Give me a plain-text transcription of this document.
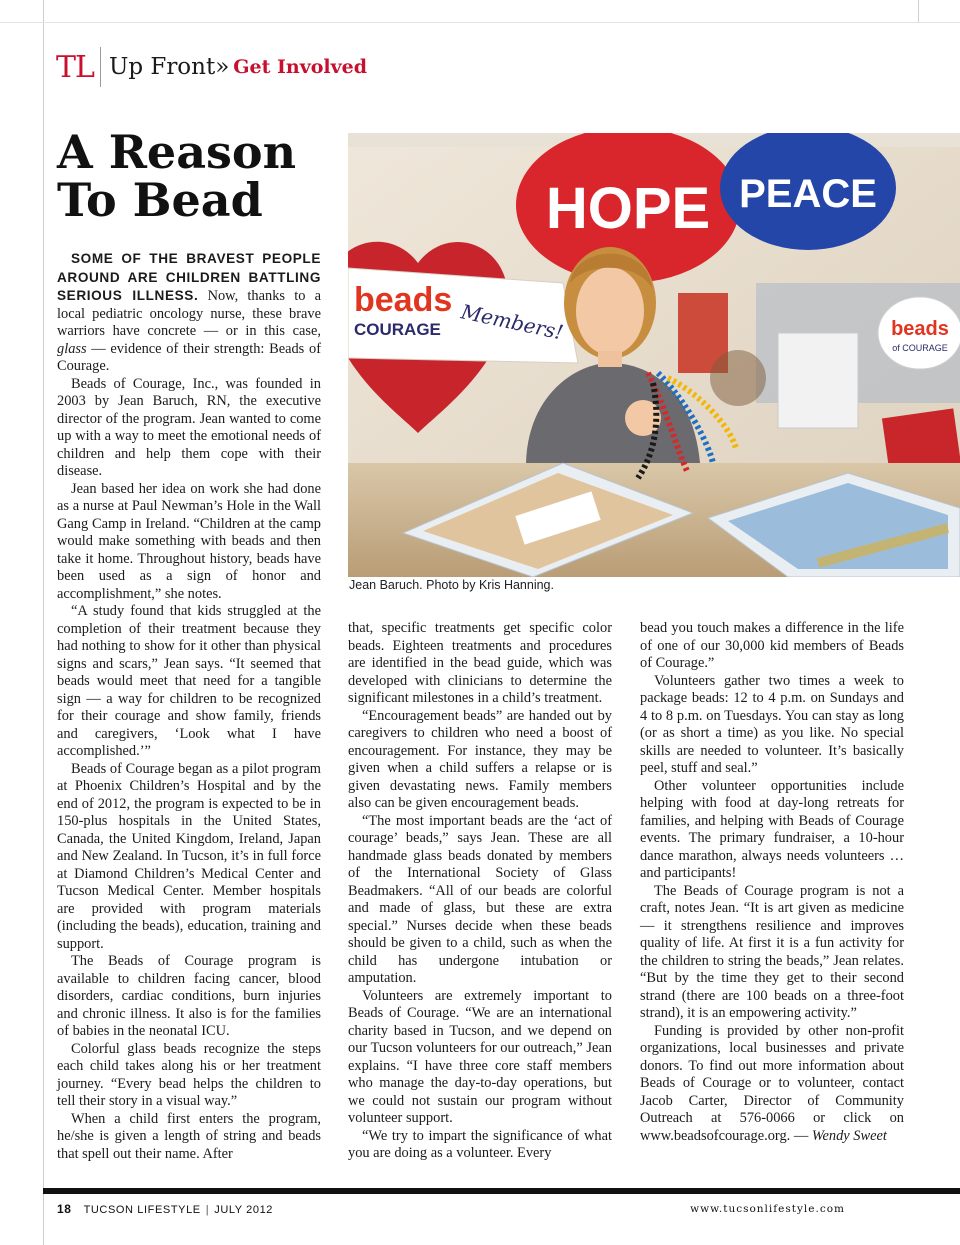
TL Up Front » Get Involved
A Reason
To Bead

SOME OF THE BRAVEST PEOPLE AROUND ARE CHILDREN BATTLING SERIOUS ILLNESS. Now, thanks to a local pediatric oncology nurse, these brave warriors have concrete — or in this case, glass — evidence of their strength: Beads of Courage.

Beads of Courage, Inc., was founded in 2003 by Jean Baruch, RN, the executive director of the program. Jean wanted to come up with a way to meet the emotional needs of children and help them cope with their disease.

Jean based her idea on work she had done as a nurse at Paul Newman’s Hole in the Wall Gang Camp in Ireland. “Children at the camp would make something with beads and then take it home. Throughout history, beads have been used as a sign of honor and accomplishment,” she notes.

“A study found that kids struggled at the completion of their treatment because they had nothing to show for it other than physical signs and scars,” Jean says. “It seemed that beads would meet that need for a tangible sign — a way for children to be recognized for their courage and show family, friends and caregivers, ‘Look what I have accomplished.’”

Beads of Courage began as a pilot program at Phoenix Children’s Hospital and by the end of 2012, the program is expected to be in 150-plus hospitals in the United States, Canada, the United Kingdom, Ireland, Japan and New Zealand. In Tucson, it’s in full force at Diamond Children’s Medical Center and Tucson Medical Center. Member hospitals are provided with program materials (including the beads), education, training and support.

The Beads of Courage program is available to children facing cancer, blood disorders, cardiac conditions, burn injuries and chronic illness. It also is for the families of babies in the neonatal ICU.

Colorful glass beads recognize the steps each child takes along his or her treatment journey. “Every bead helps the children to tell their story in a visual way.”

When a child first enters the program, he/she is given a length of string and beads that spell out their name. After

beads
COURAGE Members!
HOPE PEACE
beads
of COURAGE
Jean Baruch. Photo by Kris Hanning.

that, specific treatments get specific color beads. Eighteen treatments and procedures are identified in the bead guide, which was developed with clinicians to determine the significant milestones in a child’s treatment.

“Encouragement beads” are handed out by caregivers to children who need a boost of encouragement. For instance, they may be given when a child suffers a relapse or is given devastating news. Family members also can be given encouragement beads.

“The most important beads are the ‘act of courage’ beads,” says Jean. These are all handmade glass beads donated by members of the International Society of Glass Beadmakers. “All of our beads are colorful and made of glass, but these are extra special.” Nurses decide when these beads should be given to a child, such as when the child has undergone intubation or amputation.

Volunteers are extremely important to Beads of Courage. “We are an international charity based in Tucson, and we depend on our Tucson volunteers for our outreach,” Jean explains. “I have three core staff members who manage the day-to-day operations, but we could not sustain our program without volunteer support.

“We try to impart the significance of what you are doing as a volunteer. Every

bead you touch makes a difference in the life of one of our 30,000 kid members of Beads of Courage.”

Volunteers gather two times a week to package beads: 12 to 4 p.m. on Sundays and 4 to 8 p.m. on Tuesdays. You can stay as long (or as short a time) as you like. No special skills are needed to volunteer. It’s basically peel, stuff and seal.”

Other volunteer opportunities include helping with food at day-long retreats for families, and helping with Beads of Courage events. The primary fundraiser, a 10-hour dance marathon, always needs volunteers … and participants!

The Beads of Courage program is not a craft, notes Jean. “It is art given as medicine — it strengthens resilience and improves quality of life. At first it is a fun activity for the children to string the beads,” Jean relates. “But by the time they get to their second strand (there are 100 beads on a three-foot strand), it is an empowering activity.”

Funding is provided by other non-profit organizations, local businesses and private donors. To find out more information about Beads of Courage or to volunteer, contact Jacob Carter, Director of Community Outreach at 576-0066 or click on www.beadsofcourage.org. — Wendy Sweet

18 TUCSON LIFESTYLE | JULY 2012	www.tucsonlifestyle.com
